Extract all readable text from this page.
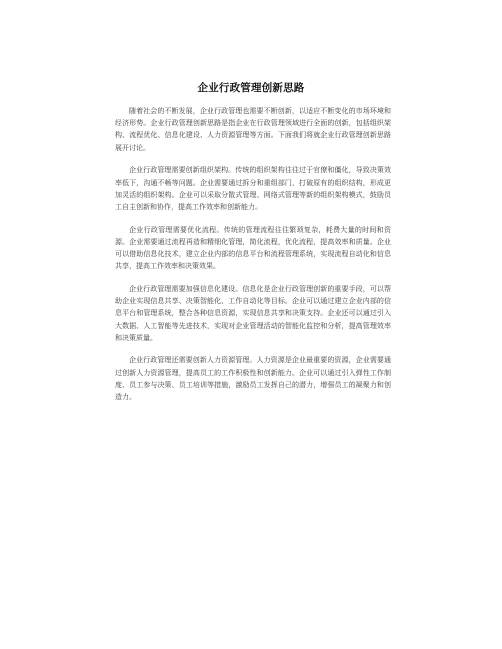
企业行政管理创新思路

随着社会的不断发展，企业行政管理也需要不断创新，以适应不断变化的市场环境和经济形势。企业行政管理创新思路是指企业在行政管理领域进行全面的创新，包括组织架构、流程优化、信息化建设、人力资源管理等方面。下面我们将就企业行政管理创新思路展开讨论。

企业行政管理需要创新组织架构。传统的组织架构往往过于官僚和僵化，导致决策效率低下，沟通不畅等问题。企业需要通过拆分和重组部门，打破原有的组织结构，形成更加灵活的组织架构。企业可以采取分散式管理、网络式管理等新的组织架构模式，鼓励员工自主创新和协作，提高工作效率和创新能力。

企业行政管理需要优化流程。传统的管理流程往往繁琐复杂，耗费大量的时间和资源。企业需要通过流程再造和精细化管理，简化流程，优化流程，提高效率和质量。企业可以借助信息化技术，建立企业内部的信息平台和流程管理系统，实现流程自动化和信息共享，提高工作效率和决策效果。

企业行政管理需要加强信息化建设。信息化是企业行政管理创新的重要手段，可以帮助企业实现信息共享、决策智能化、工作自动化等目标。企业可以通过建立企业内部的信息平台和管理系统，整合各种信息资源，实现信息共享和决策支持。企业还可以通过引入大数据、人工智能等先进技术，实现对企业管理活动的智能化监控和分析，提高管理效率和决策质量。

企业行政管理还需要创新人力资源管理。人力资源是企业最重要的资源，企业需要通过创新人力资源管理，提高员工的工作积极性和创新能力。企业可以通过引入弹性工作制度、员工参与决策、员工培训等措施，激励员工发挥自己的潜力，增强员工的凝聚力和创造力。
